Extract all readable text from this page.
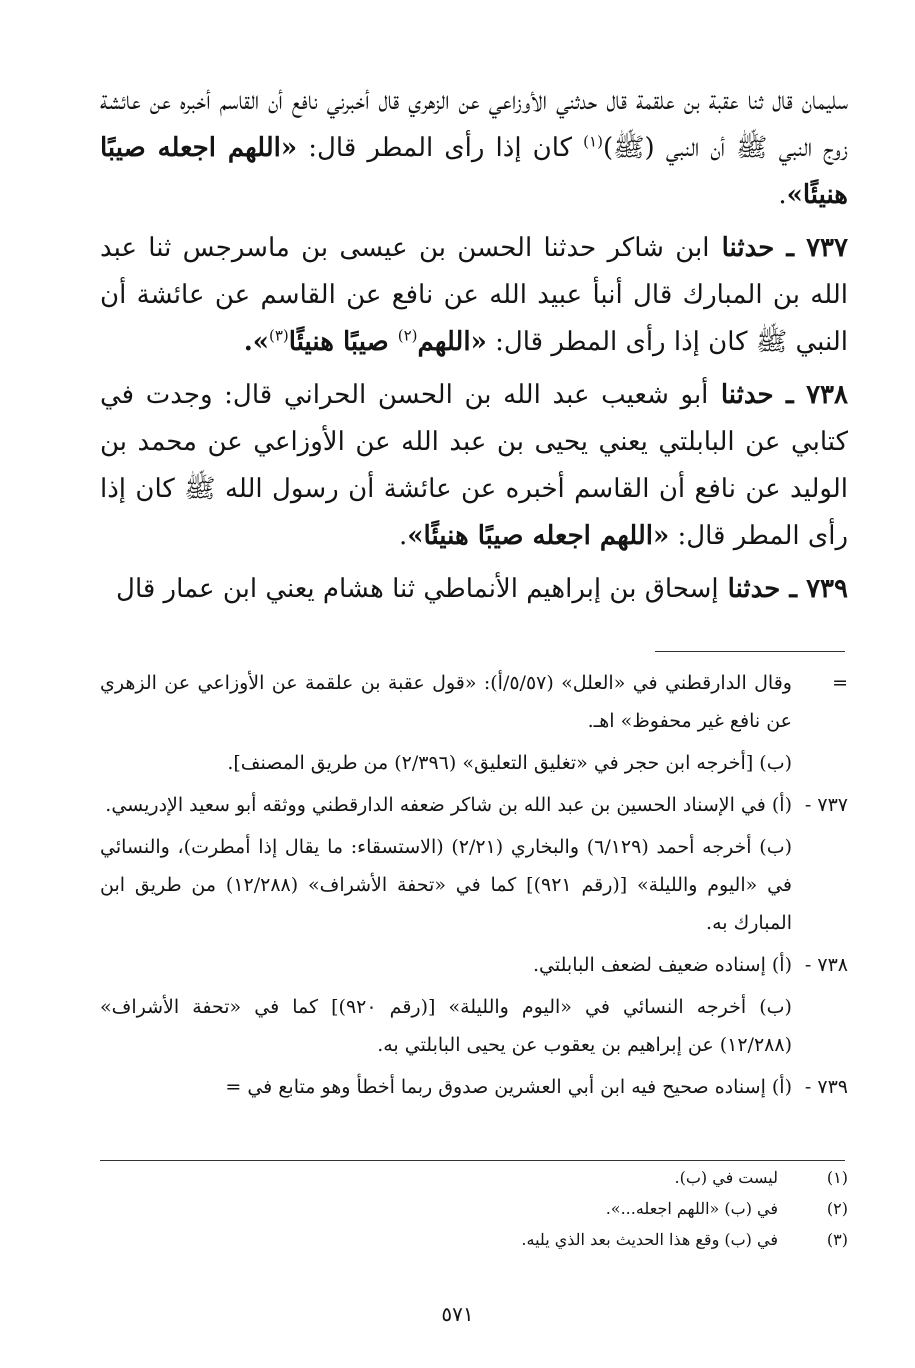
سليمان قال ثنا عقبة بن علقمة قال حدثني الأوزاعي عن الزهري قال أخبرني نافع أن القاسم أخبره عن عائشة زوج النبي ﷺ أن النبي (ﷺ)$^{(١)}$ كان إذا رأى المطر قال: «اللهم اجعله صيبًا هنيئًا».

٧٣٧ ـ حدثنا ابن شاكر حدثنا الحسن بن عيسى بن ماسرجس ثنا عبد الله بن المبارك قال أنبأ عبيد الله عن نافع عن القاسم عن عائشة أن النبي ﷺ كان إذا رأى المطر قال: «اللهم$^{(٢)}$ صيبًا هنيئًا$^{(٣)}$».

٧٣٨ ـ حدثنا أبو شعيب عبد الله بن الحسن الحراني قال: وجدت في كتابي عن البابلتي يعني يحيى بن عبد الله عن الأوزاعي عن محمد بن الوليد عن نافع أن القاسم أخبره عن عائشة أن رسول الله ﷺ كان إذا رأى المطر قال: «اللهم اجعله صيبًا هنيئًا».

٧٣٩ ـ حدثنا إسحاق بن إبراهيم الأنماطي ثنا هشام يعني ابن عمار قال

=
وقال الدارقطني في «العلل» (٥/٥٧/أ): «قول عقبة بن علقمة عن الأوزاعي عن الزهري عن نافع غير محفوظ» اهـ.
(ب) [أخرجه ابن حجر في «تغليق التعليق» (٢/٣٩٦) من طريق المصنف].
٧٣٧ -
(أ) في الإسناد الحسين بن عبد الله بن شاكر ضعفه الدارقطني ووثقه أبو سعيد الإدريسي.
(ب) أخرجه أحمد (٦/١٢٩) والبخاري (٢/٢١) (الاستسقاء: ما يقال إذا أمطرت)، والنسائي في «اليوم والليلة» [(رقم ٩٢١)] كما في «تحفة الأشراف» (١٢/٢٨٨) من طريق ابن المبارك به.
٧٣٨ -
(أ) إسناده ضعيف لضعف البابلتي.
(ب) أخرجه النسائي في «اليوم والليلة» [(رقم ٩٢٠)] كما في «تحفة الأشراف» (١٢/٢٨٨) عن إبراهيم بن يعقوب عن يحيى البابلتي به.
٧٣٩ -
(أ) إسناده صحيح فيه ابن أبي العشرين صدوق ربما أخطأ وهو متابع في =
(١)
ليست في (ب).
(٢)
في (ب) «اللهم اجعله...».
(٣)
في (ب) وقع هذا الحديث بعد الذي يليه.
٥٧١
